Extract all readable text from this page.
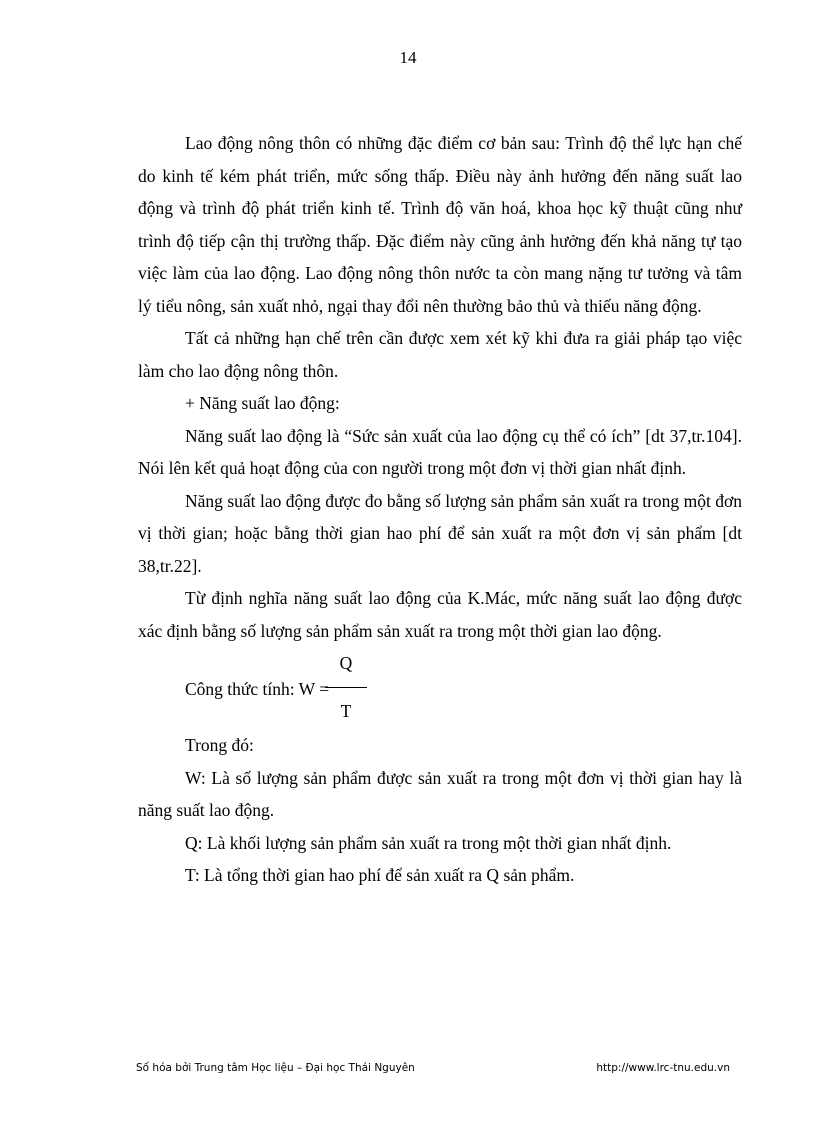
14

Lao động nông thôn có những đặc điểm cơ bản sau: Trình độ thể lực hạn chế do kinh tế kém phát triển, mức sống thấp. Điều này ảnh hưởng đến năng suất lao động và trình độ phát triển kinh tế. Trình độ văn hoá, khoa học kỹ thuật cũng như trình độ tiếp cận thị trường thấp. Đặc điểm này cũng ảnh hưởng đến khả năng tự tạo việc làm của lao động. Lao động nông thôn nước ta còn mang nặng tư tưởng và tâm lý tiểu nông, sản xuất nhỏ, ngại thay đổi nên thường bảo thủ và thiếu năng động.

Tất cả những hạn chế trên cần được xem xét kỹ khi đưa ra giải pháp tạo việc làm cho lao động nông thôn.

+ Năng suất lao động:

Năng suất lao động là “Sức sản xuất của lao động cụ thể có ích” [dt 37,tr.104]. Nói lên kết quả hoạt động của con người trong một đơn vị thời gian nhất định.

Năng suất lao động được đo bằng số lượng sản phẩm sản xuất ra trong một đơn vị thời gian; hoặc bằng thời gian hao phí để sản xuất ra một đơn vị sản phẩm [dt 38,tr.22].

Từ định nghĩa năng suất lao động của K.Mác, mức năng suất lao động được xác định bằng số lượng sản phẩm sản xuất ra trong một thời gian lao động.

Công thức tính: W =
Q
T

Trong đó:

W: Là số lượng sản phẩm được sản xuất ra trong một đơn vị thời gian hay là năng suất lao động.

Q: Là khối lượng sản phẩm sản xuất ra trong một thời gian nhất định.

T: Là tổng thời gian hao phí để sản xuất ra Q sản phẩm.

Số hóa bởi Trung tâm Học liệu – Đại học Thái Nguyên	http://www.lrc-tnu.edu.vn
